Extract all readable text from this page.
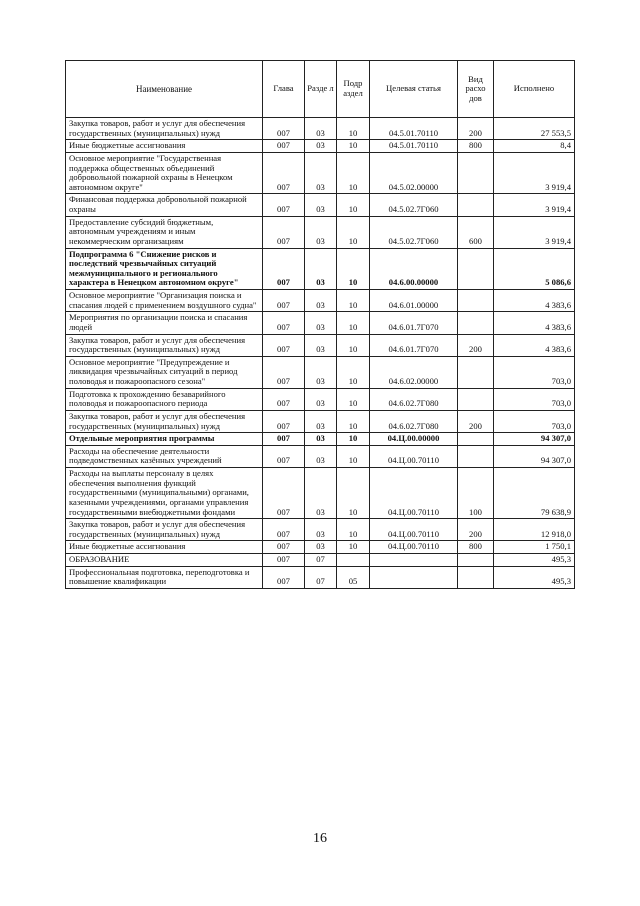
Наименование	Глава	Разде л	Подр аздел	Целевая статья	Вид расхо дов	Исполнено
Закупка товаров, работ и услуг для обеспечения государственных (муниципальных) нужд	007	03	10	04.5.01.70110	200	27 553,5
Иные бюджетные ассигнования	007	03	10	04.5.01.70110	800	8,4
Основное мероприятие "Государственная поддержка общественных объединений добровольной пожарной охраны в Ненецком автономном округе"	007	03	10	04.5.02.00000		3 919,4
Финансовая поддержка добровольной пожарной охраны	007	03	10	04.5.02.7Г060		3 919,4
Предоставление субсидий бюджетным, автономным учреждениям и иным некоммерческим организациям	007	03	10	04.5.02.7Г060	600	3 919,4
Подпрограмма 6 "Снижение рисков и последствий чрезвычайных ситуаций межмуниципального и регионального характера в Ненецком автономном округе"	007	03	10	04.6.00.00000		5 086,6
Основное мероприятие "Организация поиска и спасания людей с применением воздушного судна"	007	03	10	04.6.01.00000		4 383,6
Мероприятия по организации поиска и спасания людей	007	03	10	04.6.01.7Г070		4 383,6
Закупка товаров, работ и услуг для обеспечения государственных (муниципальных) нужд	007	03	10	04.6.01.7Г070	200	4 383,6
Основное мероприятие "Предупреждение и ликвидация чрезвычайных ситуаций в период половодья и пожароопасного сезона"	007	03	10	04.6.02.00000		703,0
Подготовка к прохождению безаварийного половодья и пожароопасного периода	007	03	10	04.6.02.7Г080		703,0
Закупка товаров, работ и услуг для обеспечения государственных (муниципальных) нужд	007	03	10	04.6.02.7Г080	200	703,0
Отдельные мероприятия программы	007	03	10	04.Ц.00.00000		94 307,0
Расходы на обеспечение деятельности подведомственных казённых учреждений	007	03	10	04.Ц.00.70110		94 307,0
Расходы на выплаты персоналу в целях обеспечения выполнения функций государственными (муниципальными) органами, казенными учреждениями, органами управления государственными внебюджетными фондами	007	03	10	04.Ц.00.70110	100	79 638,9
Закупка товаров, работ и услуг для обеспечения государственных (муниципальных) нужд	007	03	10	04.Ц.00.70110	200	12 918,0
Иные бюджетные ассигнования	007	03	10	04.Ц.00.70110	800	1 750,1
ОБРАЗОВАНИЕ	007	07				495,3
Профессиональная подготовка, переподготовка и повышение квалификации	007	07	05			495,3
16
